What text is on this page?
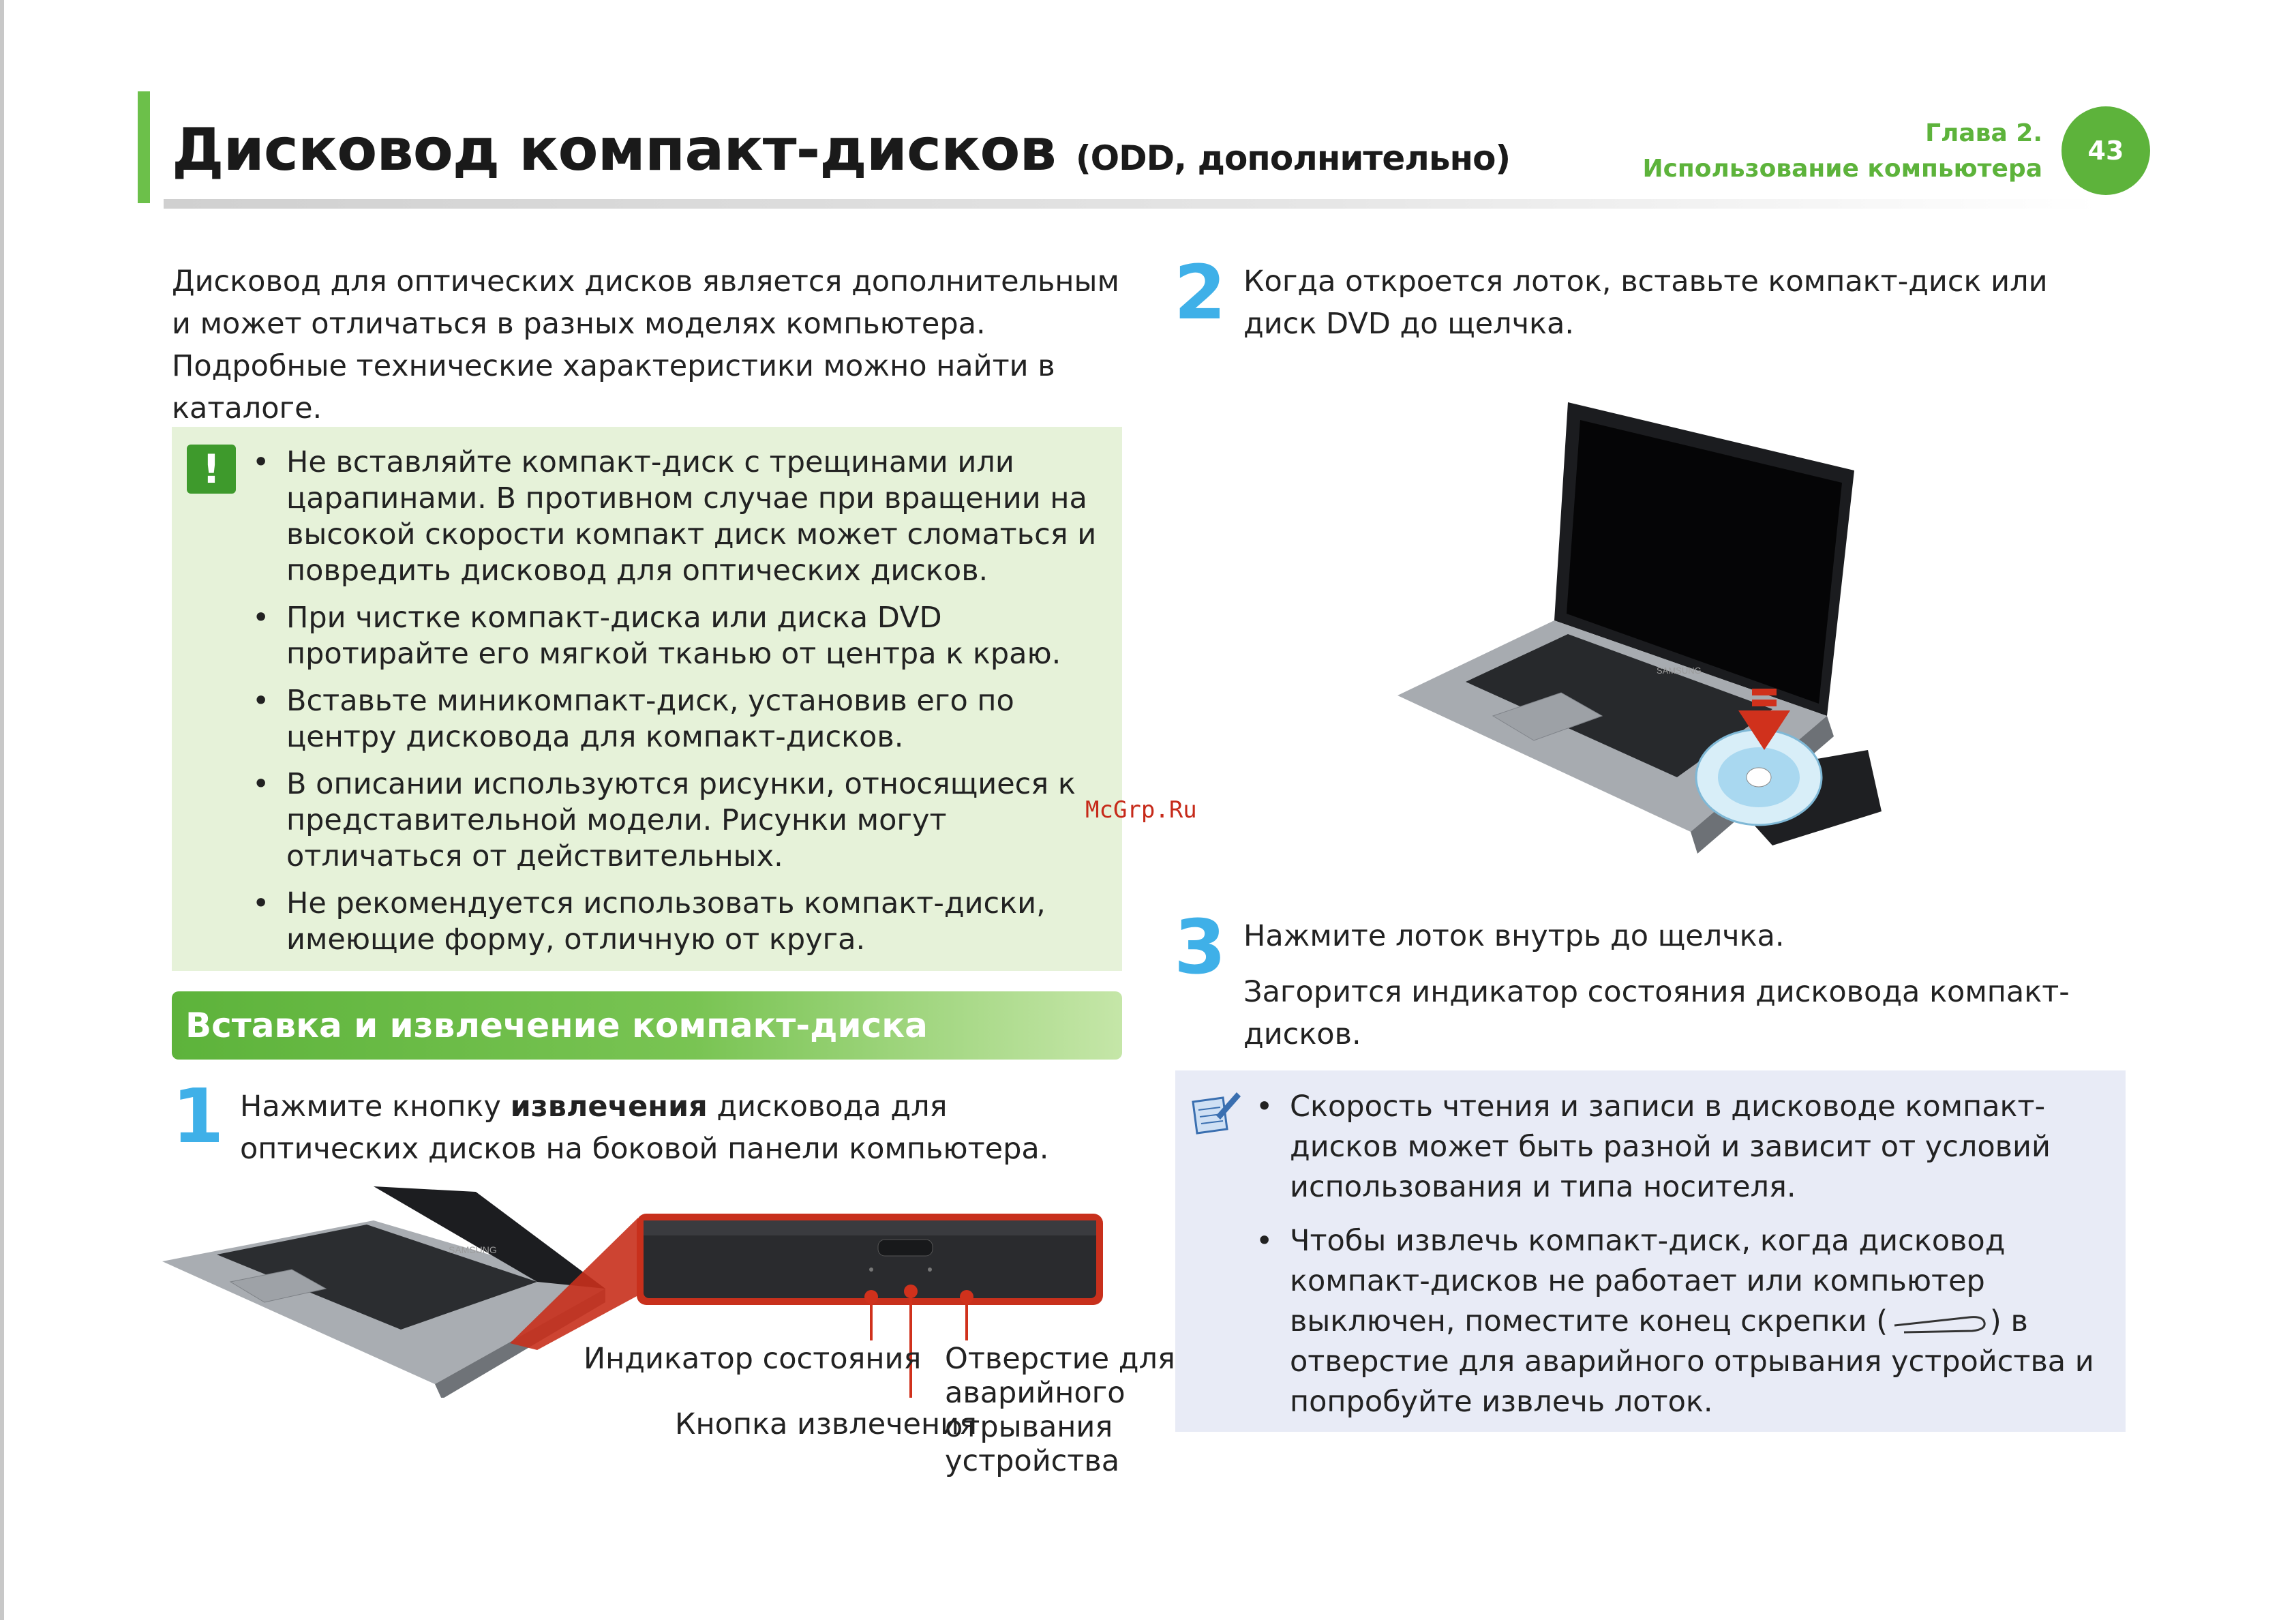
Дисковод компакт-дисков (ODD, дополнительно)
Глава 2.
Использование компьютера
43
Дисковод для оптических дисков является дополнительным и может отличаться в разных моделях компьютера. Подробные технические характеристики можно найти в каталоге.
!
•	Не вставляйте компакт-диск с трещинами или царапинами. В противном случае при вращении на высокой скорости компакт диск может сломаться и повредить дисковод для оптических дисков.
• При чистке компакт-диска или диска DVD протирайте его мягкой тканью от центра к краю.
• Вставьте миникомпакт-диск, установив его по центру дисковода для компакт-дисков.
• В описании используются рисунки, относящиеся к представительной модели. Рисунки могут отличаться от действительных.
• Не рекомендуется использовать компакт-диски, имеющие форму, отличную от круга.
Вставка и извлечение компакт-диска
1 Нажмите кнопку извлечения дисковода для оптических дисков на боковой панели компьютера.
SAMSUNG
Индикатор состояния
Кнопка извлечения
Отверстие для аварийного отрывания устройства
McGrp.Ru
2 Когда откроется лоток, вставьте компакт-диск или диск DVD до щелчка.
SAMSUNG
3 Нажмите лоток внутрь до щелчка.
Загорится индикатор состояния дисковода компакт-дисков.
• Скорость чтения и записи в дисководе компакт-дисков может быть разной и зависит от условий использования и типа носителя.
• Чтобы извлечь компакт-диск, когда дисковод компакт-дисков не работает или компьютер выключен, поместите конец скрепки (	) в отверстие для аварийного отрывания устройства и попробуйте извлечь лоток.
